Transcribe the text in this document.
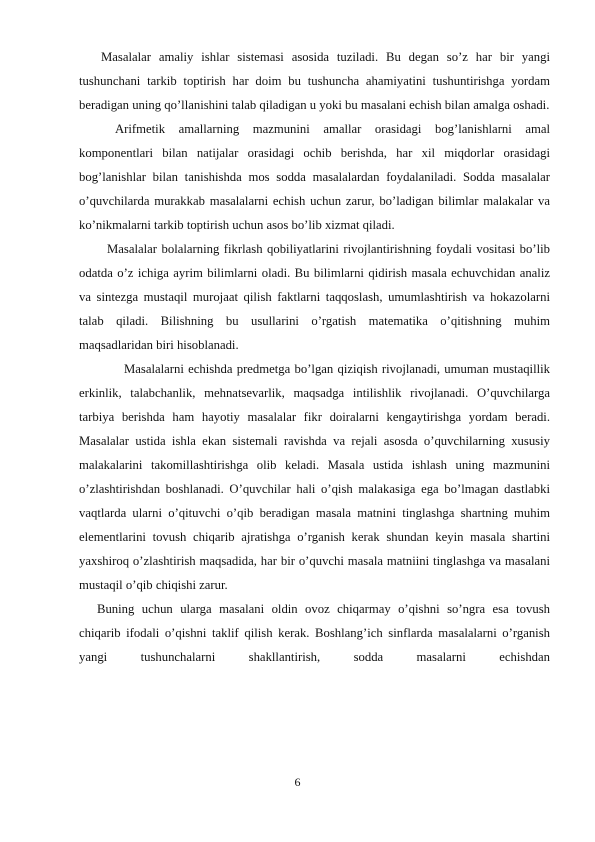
Masalalar amaliy ishlar sistemasi asosida tuziladi. Bu degan so’z har bir yangi tushunchani tarkib toptirish har doim bu tushuncha ahamiyatini tushuntirishga yordam beradigan uning qo’llanishini talab qiladigan u yoki bu masalani echish bilan amalga oshadi.

Arifmetik amallarning mazmunini amallar orasidagi bog’lanishlarni amal komponentlari bilan natijalar orasidagi ochib berishda, har xil miqdorlar orasidagi bog’lanishlar bilan tanishishda mos sodda masalalardan foydalaniladi. Sodda masalalar o’quvchilarda murakkab masalalarni echish uchun zarur, bo’ladigan bilimlar malakalar va ko’nikmalarni tarkib toptirish uchun asos bo’lib xizmat qiladi.

Masalalar bolalarning fikrlash qobiliyatlarini rivojlantirishning foydali vositasi bo’lib odatda o’z ichiga ayrim bilimlarni oladi. Bu bilimlarni qidirish masala echuvchidan analiz va sintezga mustaqil murojaat qilish faktlarni taqqoslash, umumlashtirish va hokazolarni talab qiladi. Bilishning bu usullarini o’rgatish matematika o’qitishning muhim maqsadlaridan biri hisoblanadi.

Masalalarni echishda predmetga bo’lgan qiziqish rivojlanadi, umuman mustaqillik erkinlik, talabchanlik, mehnatsevarlik, maqsadga intilishlik rivojlanadi. O’quvchilarga tarbiya berishda ham hayotiy masalalar fikr doiralarni kengaytirishga yordam beradi. Masalalar ustida ishla ekan sistemali ravishda va rejali asosda o’quvchilarning xususiy malakalarini takomillashtirishga olib keladi. Masala ustida ishlash uning mazmunini o’zlashtirishdan boshlanadi. O’quvchilar hali o’qish malakasiga ega bo’lmagan dastlabki vaqtlarda ularni o’qituvchi o’qib beradigan masala matnini tinglashga shartning muhim elementlarini tovush chiqarib ajratishga o’rganish kerak shundan keyin masala shartini yaxshiroq o’zlashtirish maqsadida, har bir o’quvchi masala matniini tinglashga va masalani mustaqil o’qib chiqishi zarur.

Buning uchun ularga masalani oldin ovoz chiqarmay o’qishni so’ngra esa tovush chiqarib ifodali o’qishni taklif qilish kerak. Boshlang’ich sinflarda masalalarni o’rganish yangi tushunchalarni shakllantirish, sodda masalarni echishdan

6
